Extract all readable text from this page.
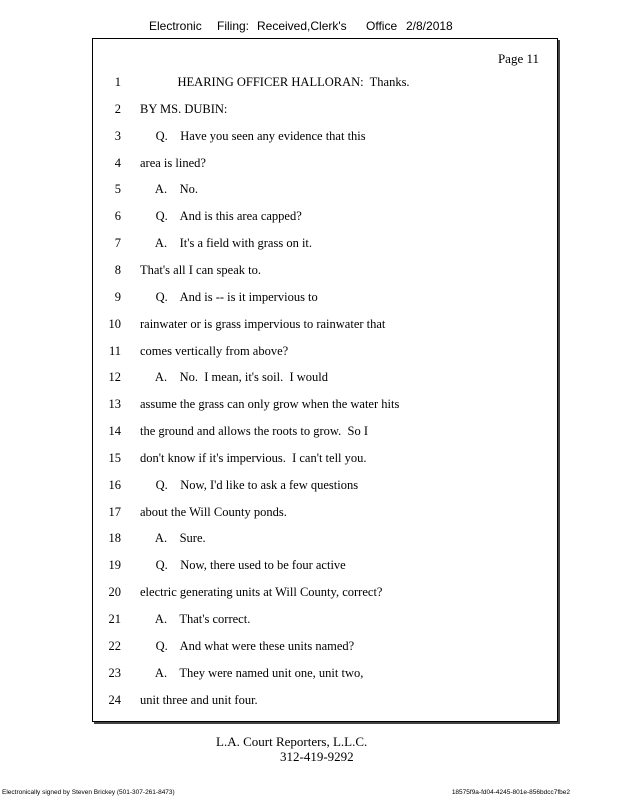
Electronic Filing: Received,Clerk's Office 2/8/2018
Page 11
1 HEARING OFFICER HALLORAN:  Thanks.
2 BY MS. DUBIN:
3 Q.    Have you seen any evidence that this
4 area is lined?
5 A.    No.
6 Q.    And is this area capped?
7 A.    It's a field with grass on it.
8 That's all I can speak to.
9 Q.    And is -- is it impervious to
10 rainwater or is grass impervious to rainwater that
11 comes vertically from above?
12 A.    No.  I mean, it's soil.  I would
13 assume the grass can only grow when the water hits
14 the ground and allows the roots to grow.  So I
15 don't know if it's impervious.  I can't tell you.
16 Q.    Now, I'd like to ask a few questions
17 about the Will County ponds.
18 A.    Sure.
19 Q.    Now, there used to be four active
20 electric generating units at Will County, correct?
21 A.    That's correct.
22 Q.    And what were these units named?
23 A.    They were named unit one, unit two,
24 unit three and unit four.
L.A. Court Reporters, L.L.C.
312-419-9292
Electronically signed by Steven Brickey (501-307-261-8473)	18575f9a-fd04-4245-801e-856bdcc7fbe2
